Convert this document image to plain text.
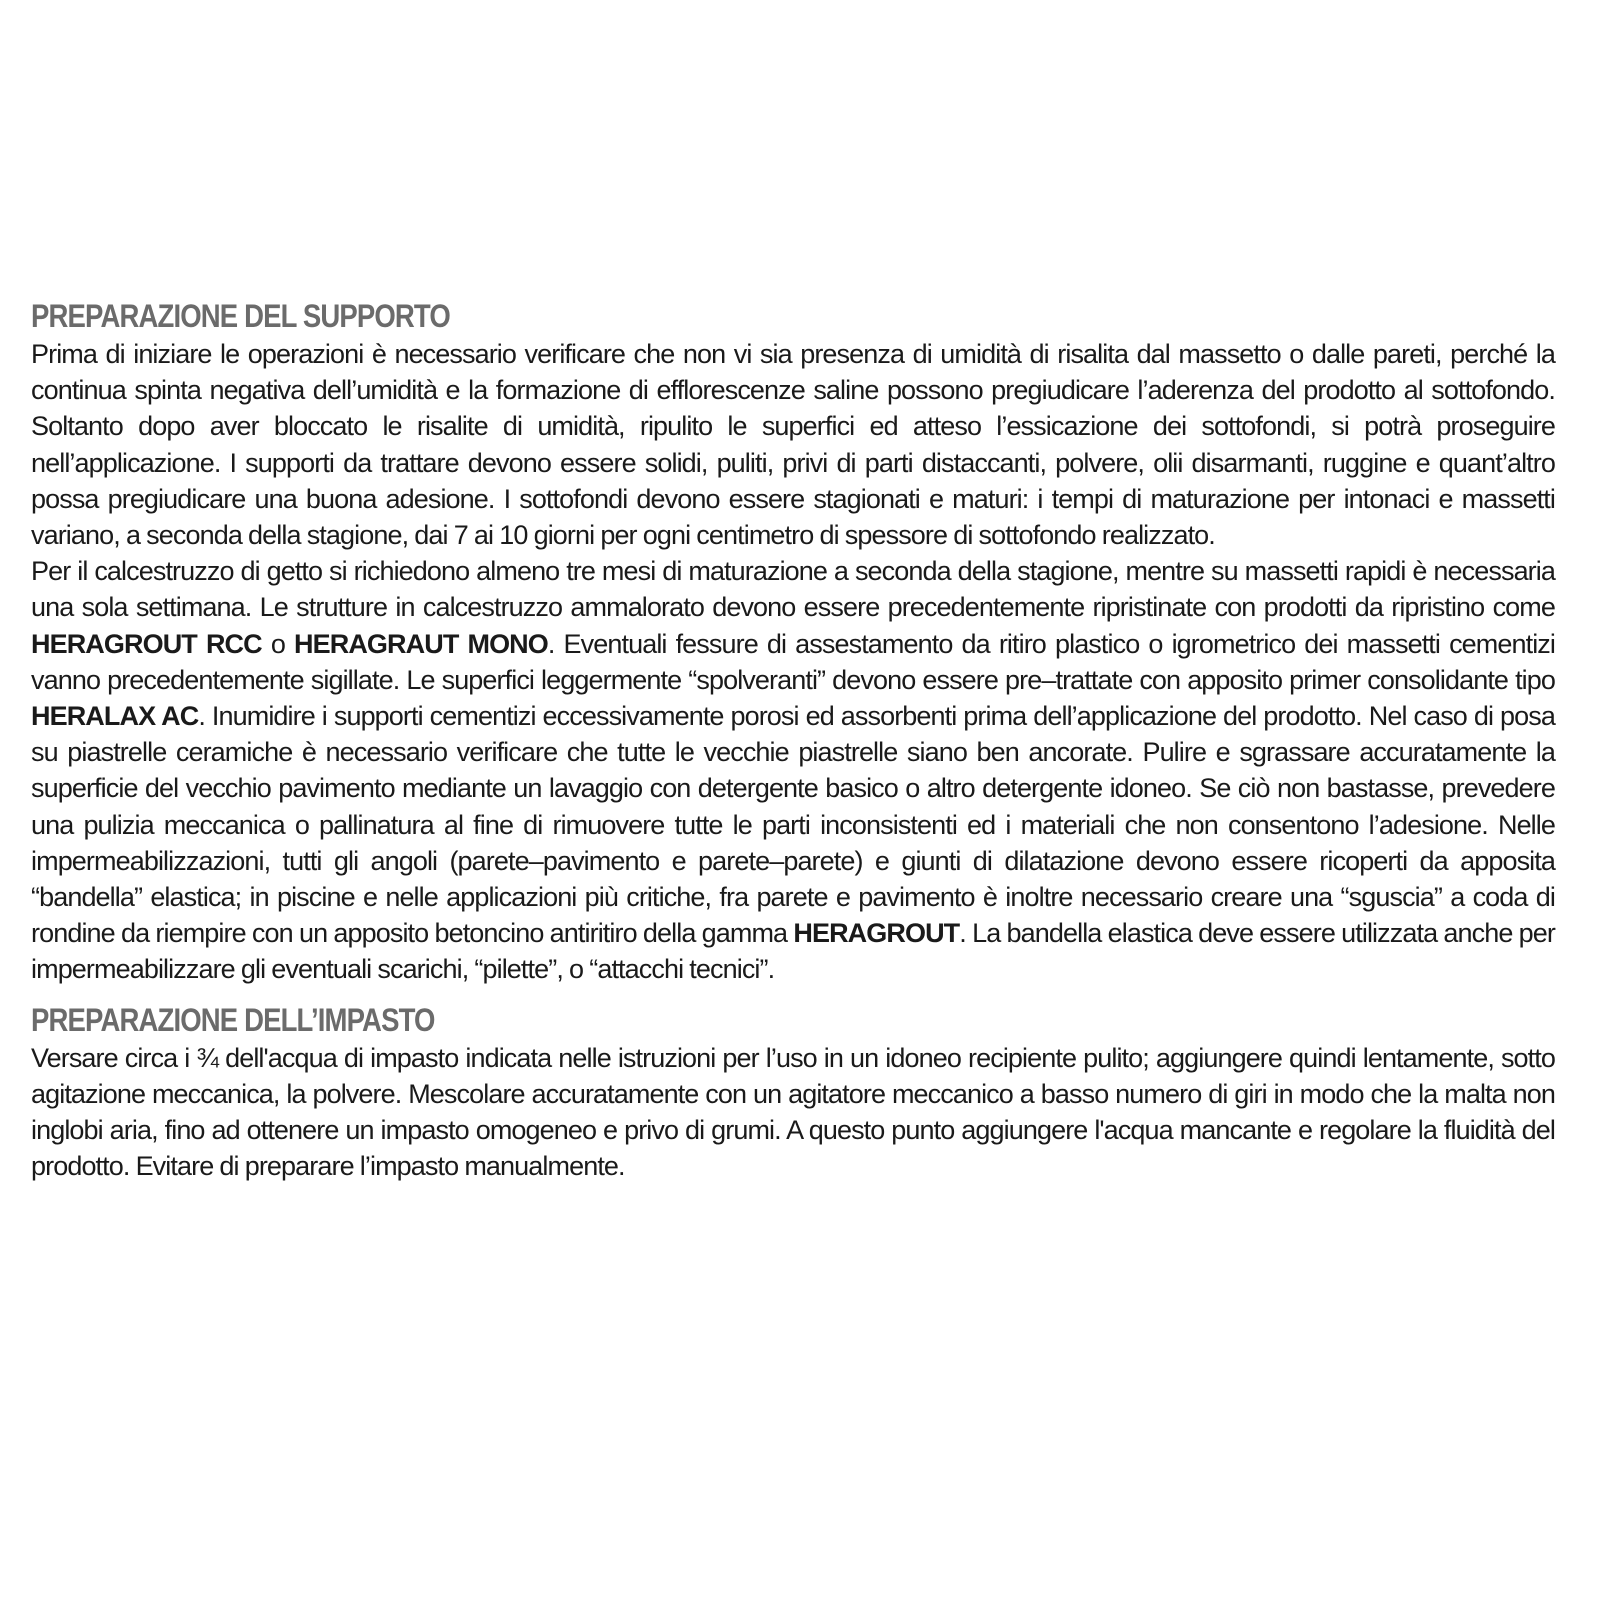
PREPARAZIONE DEL SUPPORTO

Prima di iniziare le operazioni è necessario verificare che non vi sia presenza di umidità di risalita dal massetto o dalle pareti, perché la continua spinta negativa dell’umidità e la formazione di efflorescenze saline possono pregiudicare l’aderenza del prodotto al sottofondo. Soltanto dopo aver bloccato le risalite di umidità, ripulito le superfici ed atteso l’essicazione dei sottofondi, si potrà proseguire nell’applicazione. I supporti da trattare devono essere solidi, puliti, privi di parti distaccanti, polvere, olii disarmanti, ruggine e quant’altro possa pregiudicare una buona adesione. I sottofondi devono essere stagionati e maturi: i tempi di maturazione per intonaci e massetti variano, a seconda della stagione, dai 7 ai 10 giorni per ogni centimetro di spessore di sottofondo realizzato.

Per il calcestruzzo di getto si richiedono almeno tre mesi di maturazione a seconda della stagione, mentre su massetti rapidi è necessaria una sola settimana. Le strutture in calcestruzzo ammalorato devono essere precedentemente ripristinate con prodotti da ripristino come HERAGROUT RCC o HERAGRAUT MONO. Eventuali fessure di assestamento da ritiro plastico o igrometrico dei massetti cementizi vanno precedentemente sigillate. Le superfici leggermente “spolveranti” devono essere pre–trattate con apposito primer consolidante tipo HERALAX AC. Inumidire i supporti cementizi eccessivamente porosi ed assorbenti prima dell’applicazione del prodotto. Nel caso di posa su piastrelle ceramiche è necessario verificare che tutte le vecchie piastrelle siano ben ancorate. Pulire e sgrassare accuratamente la superficie del vecchio pavimento mediante un lavaggio con detergente basico o altro detergente idoneo. Se ciò non bastasse, prevedere una pulizia meccanica o pallinatura al fine di rimuovere tutte le parti inconsistenti ed i materiali che non consentono l’adesione. Nelle impermeabilizzazioni, tutti gli angoli (parete–pavimento e parete–parete) e giunti di dilatazione devono essere ricoperti da apposita “bandella” elastica; in piscine e nelle applicazioni più critiche, fra parete e pavimento è inoltre necessario creare una “sguscia” a coda di rondine da riempire con un apposito betoncino antiritiro della gamma HERAGROUT. La bandella elastica deve essere utilizzata anche per impermeabilizzare gli eventuali scarichi, “pilette”, o “attacchi tecnici”.

PREPARAZIONE DELL’IMPASTO

Versare circa i ¾ dell'acqua di impasto indicata nelle istruzioni per l’uso in un idoneo recipiente pulito; aggiungere quindi lentamente, sotto agitazione meccanica, la polvere. Mescolare accuratamente con un agitatore meccanico a basso numero di giri in modo che la malta non inglobi aria, fino ad ottenere un impasto omogeneo e privo di grumi. A questo punto aggiungere l'acqua mancante e regolare la fluidità del prodotto. Evitare di preparare l’impasto manualmente.
